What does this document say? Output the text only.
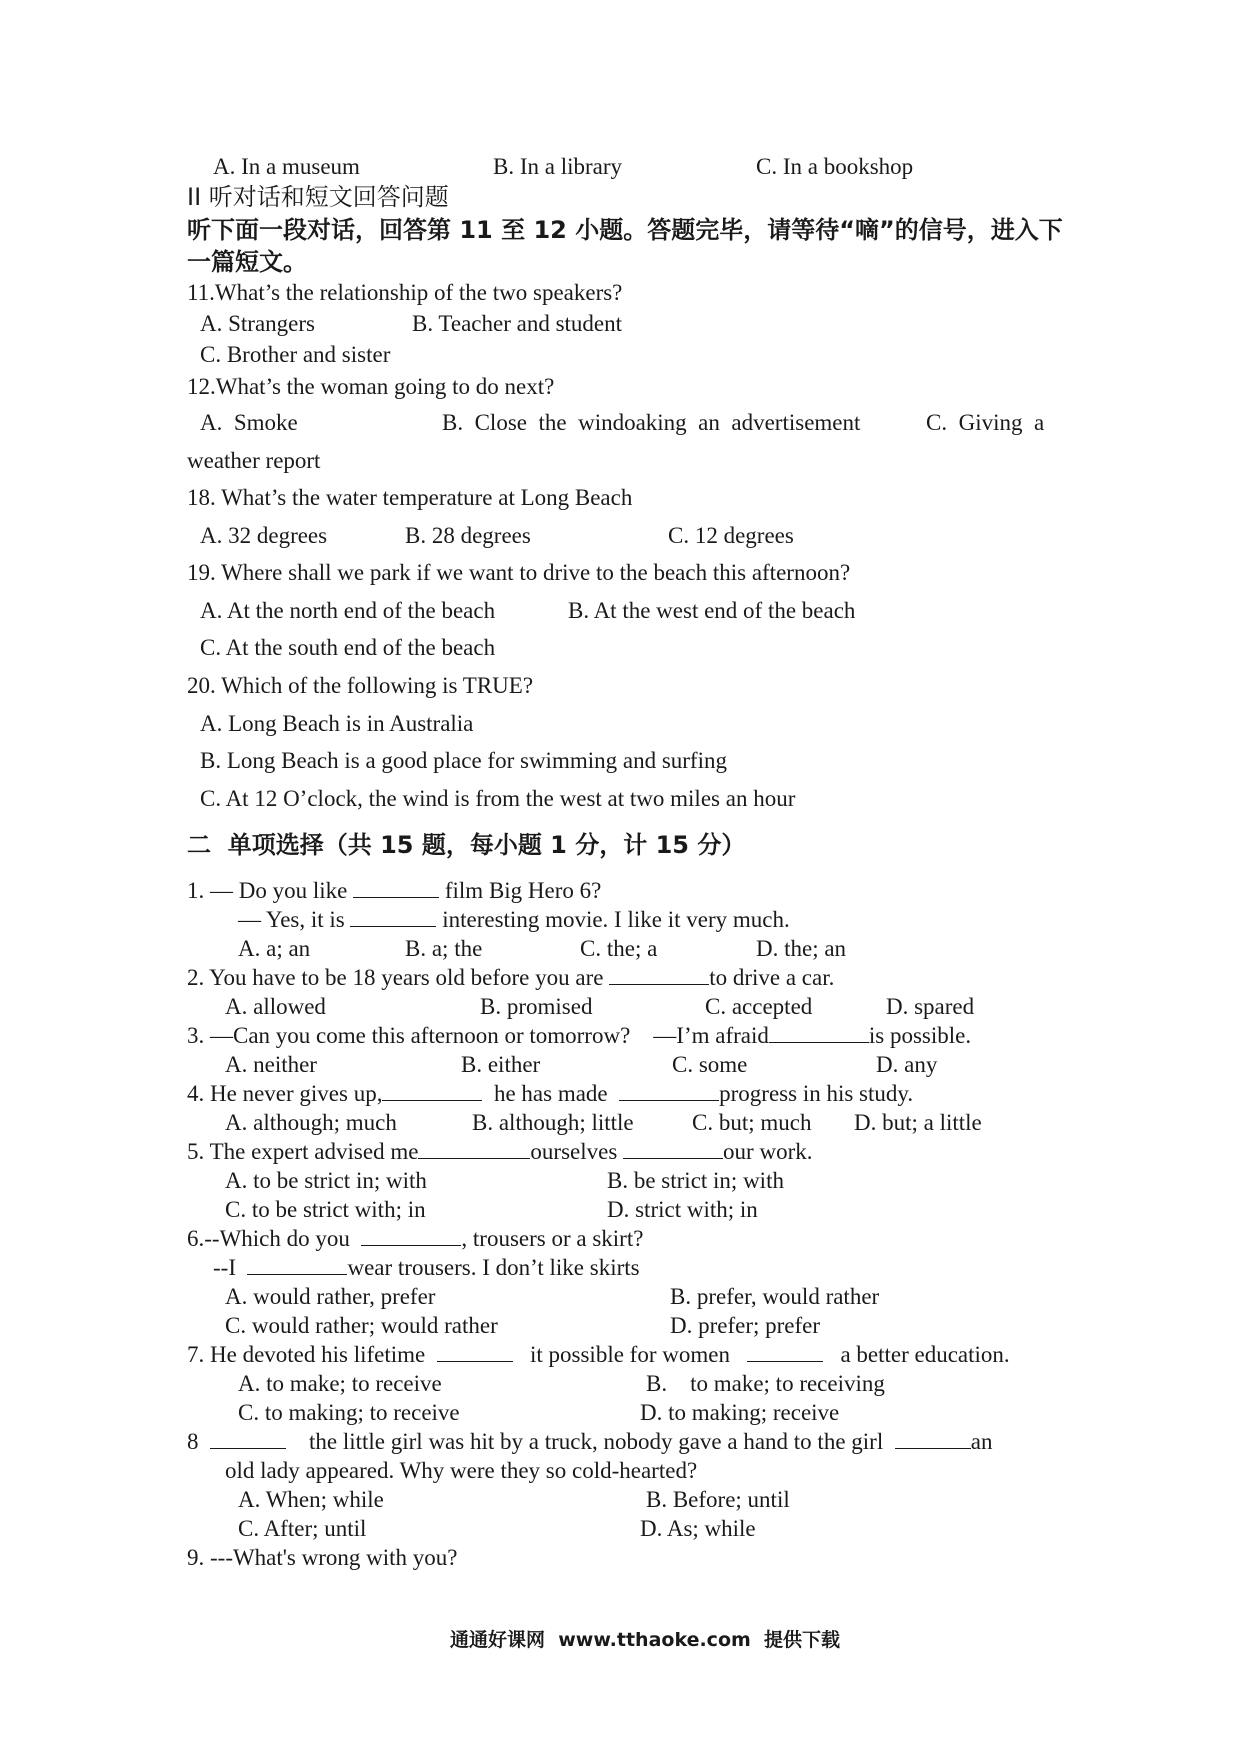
A. In a museum	B. In a library	C. In a bookshop
II 听对话和短文回答问题
听下面一段对话，回答第 11 至 12 小题。答题完毕，请等待“嘀”的信号，进入下
一篇短文。
11.What’s the relationship of the two speakers?
A. Strangers	B. Teacher and student
C. Brother and sister
12.What’s the woman going to do next?
A.  Smoke	B.  Close  the  windoaking  an  advertisement	C.  Giving  a
weather report
18. What’s the water temperature at Long Beach
A. 32 degrees	B. 28 degrees	C. 12 degrees
19. Where shall we park if we want to drive to the beach this afternoon?
A. At the north end of the beach	B. At the west end of the beach
C. At the south end of the beach
20. Which of the following is TRUE?
A. Long Beach is in Australia
B. Long Beach is a good place for swimming and surfing
C. At 12 O’clock, the wind is from the west at two miles an hour
二  单项选择（共 15 题，每小题 1 分，计 15 分）
1. — Do you like	film Big Hero 6?
— Yes, it is	interesting movie. I like it very much.
A. a; an	B. a; the	C. the; a	D. the; an
2. You have to be 18 years old before you are	to drive a car.
A. allowed	B. promised	C. accepted	D. spared
3. —Can you come this afternoon or tomorrow?    —I’m afraid	is possible.
A. neither	B. either	C. some	D. any
4. He never gives up,	he has made	progress in his study.
A. although; much	B. although; little	C. but; much D. but; a little
5. The expert advised me	ourselves	our work.
A. to be strict in; with	B. be strict in; with
C. to be strict with; in	D. strict with; in
6.--Which do you	, trousers or a skirt?
--I	wear trousers. I don’t like skirts
A. would rather, prefer	B. prefer, would rather
C. would rather; would rather	D. prefer; prefer
7. He devoted his lifetime	it possible for women	a better education.
A. to make; to receive	B.    to make; to receiving
C. to making; to receive	D. to making; receive
8	the little girl was hit by a truck, nobody gave a hand to the girl	an
old lady appeared. Why were they so cold-hearted?
A. When; while	B. Before; until
C. After; until	D. As; while
9. ---What's wrong with you?
通通好课网  www.tthaoke.com  提供下载
